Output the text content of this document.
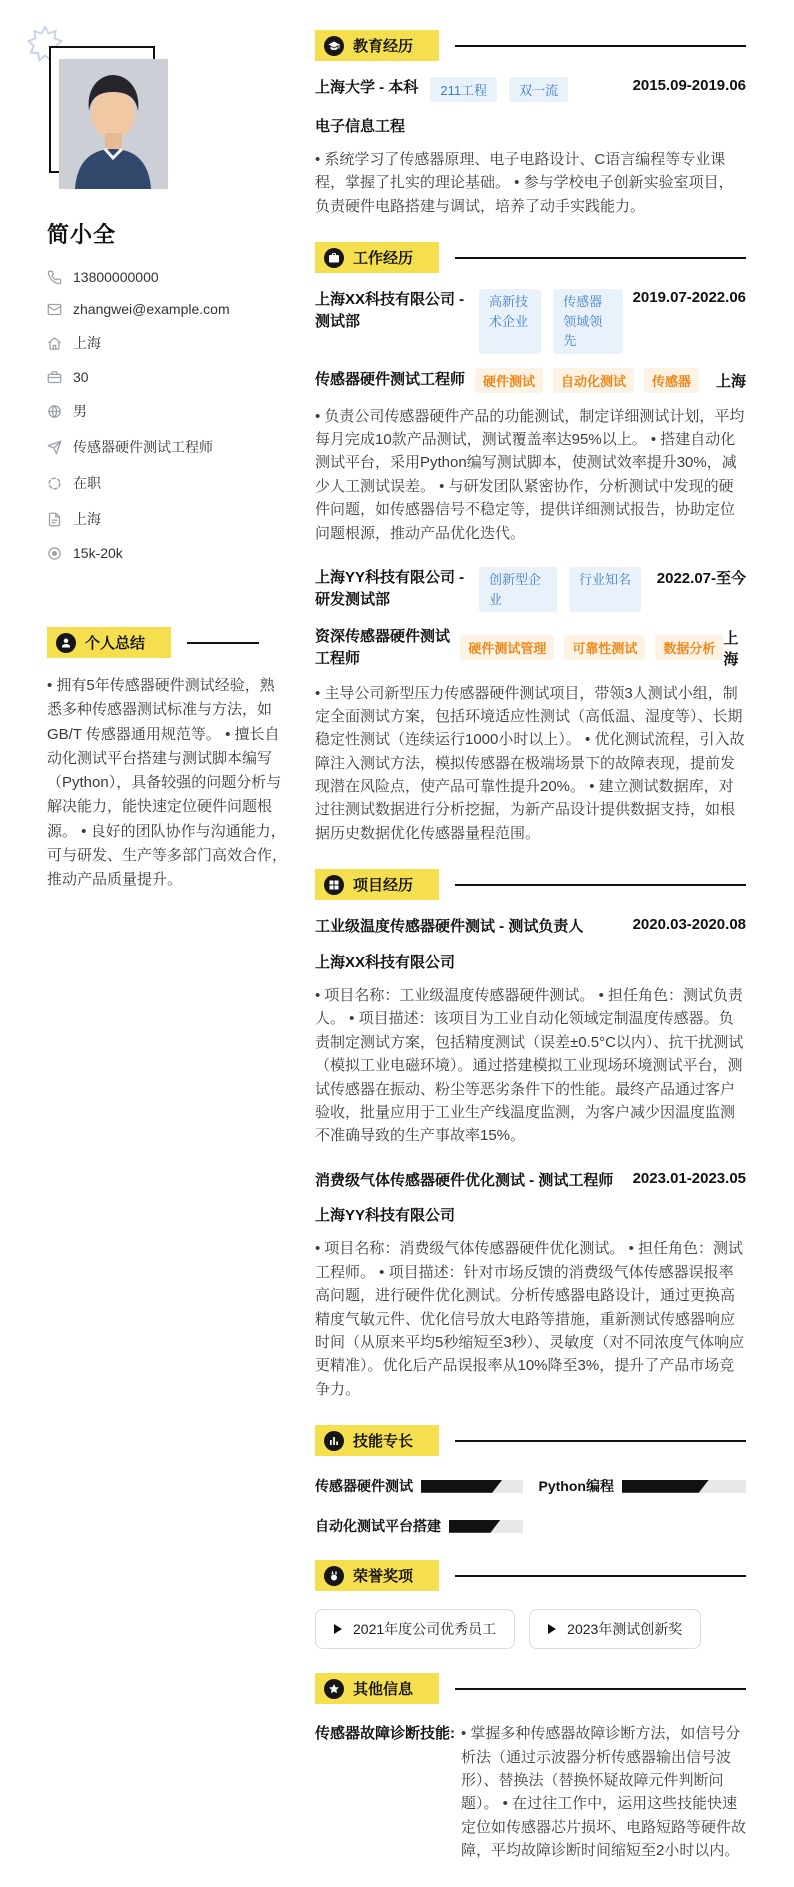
简小全
13800000000
zhangwei@example.com
上海
30
男
传感器硬件测试工程师
在职
上海
15k-20k
个人总结

• 拥有5年传感器硬件测试经验，熟悉多种传感器测试标准与方法，如GB/T 传感器通用规范等。 • 擅长自动化测试平台搭建与测试脚本编写（Python），具备较强的问题分析与解决能力，能快速定位硬件问题根源。 • 良好的团队协作与沟通能力，可与研发、生产等多部门高效合作，推动产品质量提升。

教育经历
上海大学 - 本科	211工程	双一流	2015.09-2019.06
电子信息工程

• 系统学习了传感器原理、电子电路设计、C语言编程等专业课程，掌握了扎实的理论基础。 • 参与学校电子创新实验室项目，负责硬件电路搭建与调试，培养了动手实践能力。

工作经历
上海XX科技有限公司 - 测试部
高新技术企业
传感器领域领先
2019.07-2022.06
传感器硬件测试工程师	硬件测试	自动化测试	传感器	上海

• 负责公司传感器硬件产品的功能测试，制定详细测试计划，平均每月完成10款产品测试，测试覆盖率达95%以上。 • 搭建自动化测试平台，采用Python编写测试脚本，使测试效率提升30%，减少人工测试误差。 • 与研发团队紧密协作，分析测试中发现的硬件问题，如传感器信号不稳定等，提供详细测试报告，协助定位问题根源，推动产品优化迭代。

上海YY科技有限公司 - 研发测试部
创新型企业
行业知名	2022.07-至今
资深传感器硬件测试工程师
硬件测试管理	可靠性测试	数据分析
上海

• 主导公司新型压力传感器硬件测试项目，带领3人测试小组，制定全面测试方案，包括环境适应性测试（高低温、湿度等）、长期稳定性测试（连续运行1000小时以上）。 • 优化测试流程，引入故障注入测试方法，模拟传感器在极端场景下的故障表现，提前发现潜在风险点，使产品可靠性提升20%。 • 建立测试数据库，对过往测试数据进行分析挖掘，为新产品设计提供数据支持，如根据历史数据优化传感器量程范围。

项目经历
工业级温度传感器硬件测试 - 测试负责人	2020.03-2020.08
上海XX科技有限公司

• 项目名称：工业级温度传感器硬件测试。 • 担任角色：测试负责人。 • 项目描述：该项目为工业自动化领域定制温度传感器。负责制定测试方案，包括精度测试（误差±0.5°C以内）、抗干扰测试（模拟工业电磁环境）。通过搭建模拟工业现场环境测试平台，测试传感器在振动、粉尘等恶劣条件下的性能。最终产品通过客户验收，批量应用于工业生产线温度监测，为客户减少因温度监测不准确导致的生产事故率15%。

消费级气体传感器硬件优化测试 - 测试工程师	2023.01-2023.05
上海YY科技有限公司

• 项目名称：消费级气体传感器硬件优化测试。 • 担任角色：测试工程师。 • 项目描述：针对市场反馈的消费级气体传感器误报率高问题，进行硬件优化测试。分析传感器电路设计，通过更换高精度气敏元件、优化信号放大电路等措施，重新测试传感器响应时间（从原来平均5秒缩短至3秒）、灵敏度（对不同浓度气体响应更精准）。优化后产品误报率从10%降至3%，提升了产品市场竞争力。

技能专长
传感器硬件测试	Python编程
自动化测试平台搭建
荣誉奖项
2021年度公司优秀员工	2023年测试创新奖
其他信息
传感器故障诊断技能: • 掌握多种传感器故障诊断方法，如信号分析法（通过示波器分析传感器输出信号波形）、替换法（替换怀疑故障元件判断问题）。 • 在过往工作中，运用这些技能快速定位如传感器芯片损坏、电路短路等硬件故障，平均故障诊断时间缩短至2小时以内。
